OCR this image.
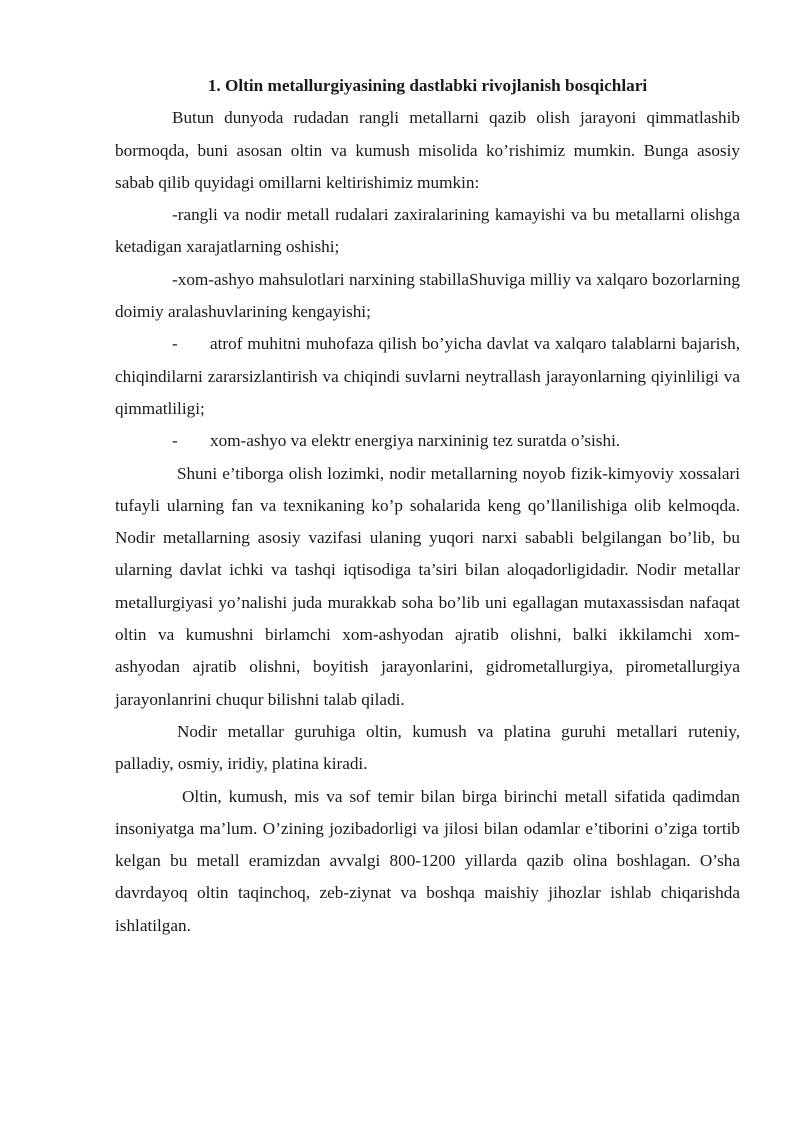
1. Oltin metallurgiyasining dastlabki rivojlanish bosqichlari

Butun dunyoda rudadan rangli metallarni qazib olish jarayoni qimmatlashib bormoqda, buni asosan oltin va kumush misolida ko’rishimiz mumkin. Bunga asosiy sabab qilib quyidagi omillarni keltirishimiz mumkin:

-rangli va nodir metall rudalari zaxiralarining kamayishi va bu metallarni olishga ketadigan xarajatlarning oshishi;

-xom-ashyo mahsulotlari narxining stabillaShuviga milliy va xalqaro bozorlarning doimiy aralashuvlarining kengayishi;

- atrof muhitni muhofaza qilish bo’yicha davlat va xalqaro talablarni bajarish, chiqindilarni zararsizlantirish va chiqindi suvlarni neytrallash jarayonlarning qiyinliligi va qimmatliligi;

- xom-ashyo va elektr energiya narxininig tez suratda o’sishi.

Shuni e’tiborga olish lozimki, nodir metallarning noyob fizik-kimyoviy xossalari tufayli ularning fan va texnikaning ko’p sohalarida keng qo’llanilishiga olib kelmoqda. Nodir metallarning asosiy vazifasi ulaning yuqori narxi sababli belgilangan bo’lib, bu ularning davlat ichki va tashqi iqtisodiga ta’siri bilan aloqadorligidadir. Nodir metallar metallurgiyasi yo’nalishi juda murakkab soha bo’lib uni egallagan mutaxassisdan nafaqat oltin va kumushni birlamchi xom-ashyodan ajratib olishni, balki ikkilamchi xom-ashyodan ajratib olishni, boyitish jarayonlarini, gidrometallurgiya, pirometallurgiya jarayonlanrini chuqur bilishni talab qiladi.

Nodir metallar guruhiga oltin, kumush va platina guruhi metallari ruteniy, palladiy, osmiy, iridiy, platina kiradi.

Oltin, kumush, mis va sof temir bilan birga birinchi metall sifatida qadimdan insoniyatga ma’lum. O’zining jozibadorligi va jilosi bilan odamlar e’tiborini o’ziga tortib kelgan bu metall eramizdan avvalgi 800-1200 yillarda qazib olina boshlagan. O’sha davrdayoq oltin taqinchoq, zeb-ziynat va boshqa maishiy jihozlar ishlab chiqarishda ishlatilgan.
